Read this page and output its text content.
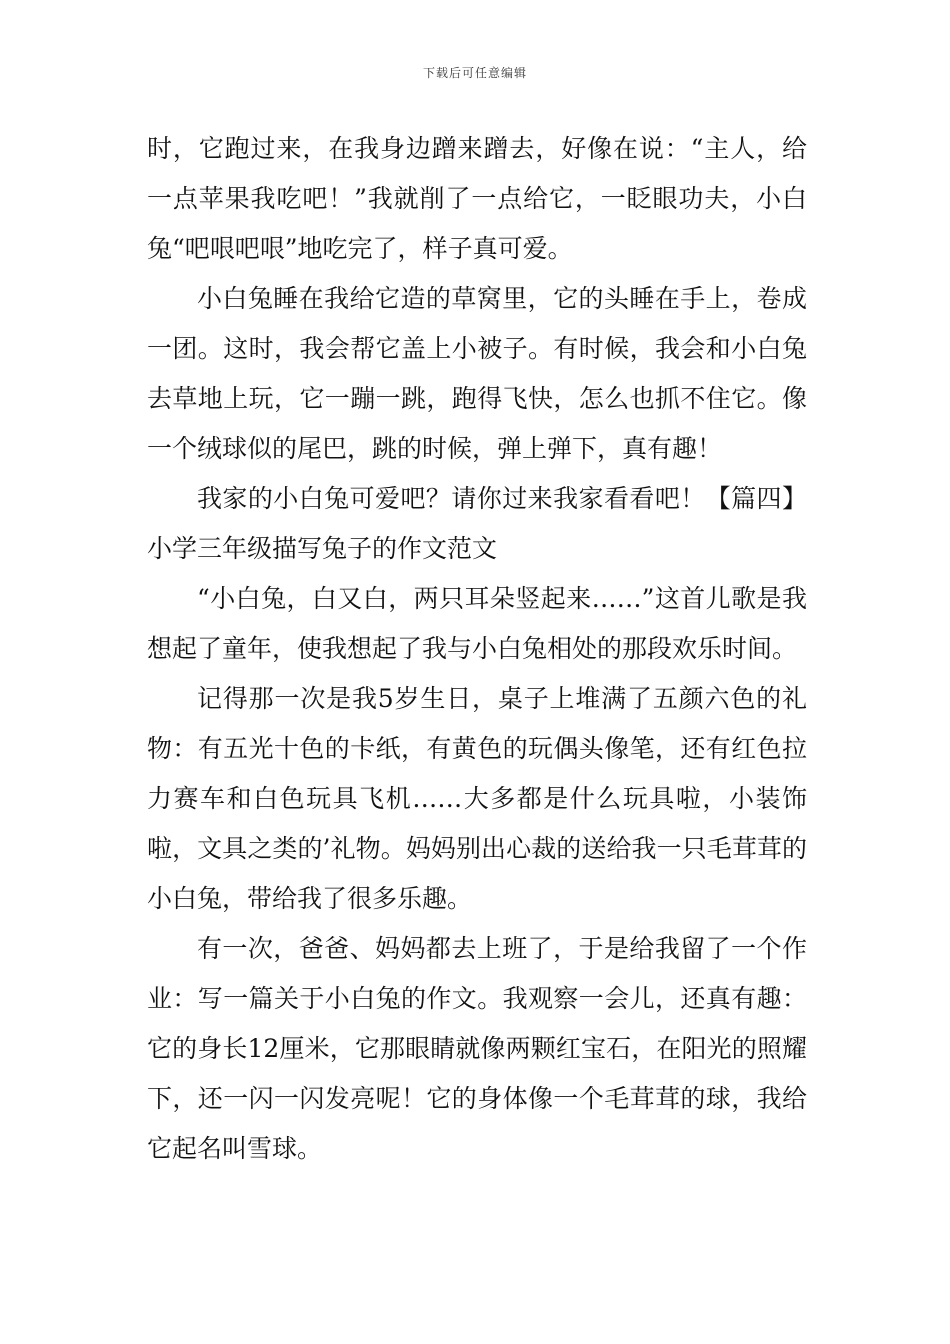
下载后可任意编辑

时，它跑过来，在我身边蹭来蹭去，好像在说：“主人，给一点苹果我吃吧！”我就削了一点给它，一眨眼功夫，小白兔“吧哏吧哏”地吃完了，样子真可爱。

小白兔睡在我给它造的草窝里，它的头睡在手上，卷成一团。这时，我会帮它盖上小被子。有时候，我会和小白兔去草地上玩，它一蹦一跳，跑得飞快，怎么也抓不住它。像一个绒球似的尾巴，跳的时候，弹上弹下，真有趣！

我家的小白兔可爱吧？请你过来我家看看吧！【篇四】小学三年级描写兔子的作文范文

“小白兔，白又白，两只耳朵竖起来……”这首儿歌是我想起了童年，使我想起了我与小白兔相处的那段欢乐时间。

记得那一次是我5岁生日，桌子上堆满了五颜六色的礼物：有五光十色的卡纸，有黄色的玩偶头像笔，还有红色拉力赛车和白色玩具飞机……大多都是什么玩具啦，小装饰啦，文具之类的’礼物。妈妈别出心裁的送给我一只毛茸茸的小白兔，带给我了很多乐趣。

有一次，爸爸、妈妈都去上班了，于是给我留了一个作业：写一篇关于小白兔的作文。我观察一会儿，还真有趣：它的身长12厘米，它那眼睛就像两颗红宝石，在阳光的照耀下，还一闪一闪发亮呢！它的身体像一个毛茸茸的球，我给它起名叫雪球。
